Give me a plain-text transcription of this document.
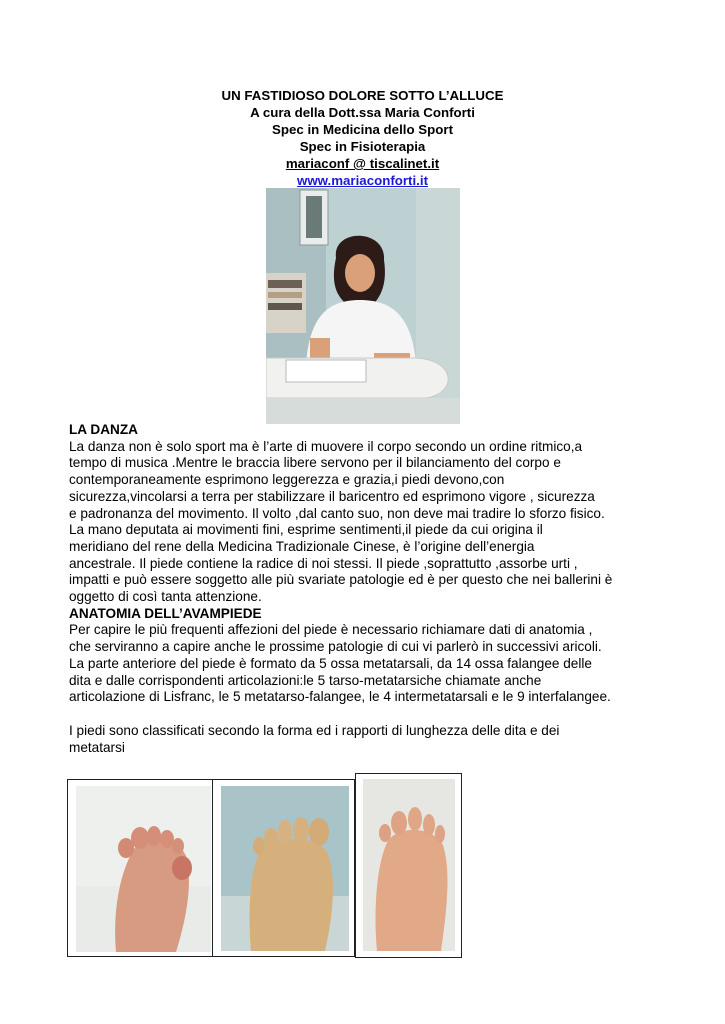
UN FASTIDIOSO DOLORE SOTTO L’ALLUCE
A cura della Dott.ssa Maria Conforti
Spec in Medicina dello Sport
Spec in Fisioterapia
mariaconf @ tiscalinet.it
www.mariaconforti.it
LA DANZA
La danza non è solo sport ma è l’arte di muovere il corpo secondo un ordine ritmico,a
tempo di musica .Mentre le braccia libere servono per il bilanciamento del corpo e
contemporaneamente esprimono leggerezza e grazia,i piedi devono,con
sicurezza,vincolarsi a terra per stabilizzare il baricentro ed esprimono vigore , sicurezza
e padronanza del movimento. Il volto ,dal canto suo, non deve mai tradire lo sforzo fisico.
La mano deputata ai movimenti fini, esprime sentimenti,il piede da cui origina il
meridiano del rene della Medicina Tradizionale Cinese, è l’origine dell’energia
ancestrale. Il piede contiene la radice di noi stessi. Il piede ,soprattutto ,assorbe urti ,
impatti e può essere soggetto alle più svariate patologie ed è per questo che nei ballerini è
oggetto di così tanta attenzione.
ANATOMIA DELL’AVAMPIEDE
Per capire le più frequenti affezioni del piede è necessario richiamare dati di anatomia ,
che serviranno a capire anche le prossime patologie di cui vi parlerò in successivi aricoli.
La parte anteriore del piede è formato da 5 ossa metatarsali, da 14 ossa falangee delle
dita e dalle corrispondenti articolazioni:le 5 tarso-metatarsiche chiamate anche
articolazione di Lisfranc, le 5 metatarso-falangee, le 4 intermetatarsali e le 9 interfalangee.
I piedi sono classificati secondo la forma ed i rapporti di lunghezza delle dita e dei
metatarsi
